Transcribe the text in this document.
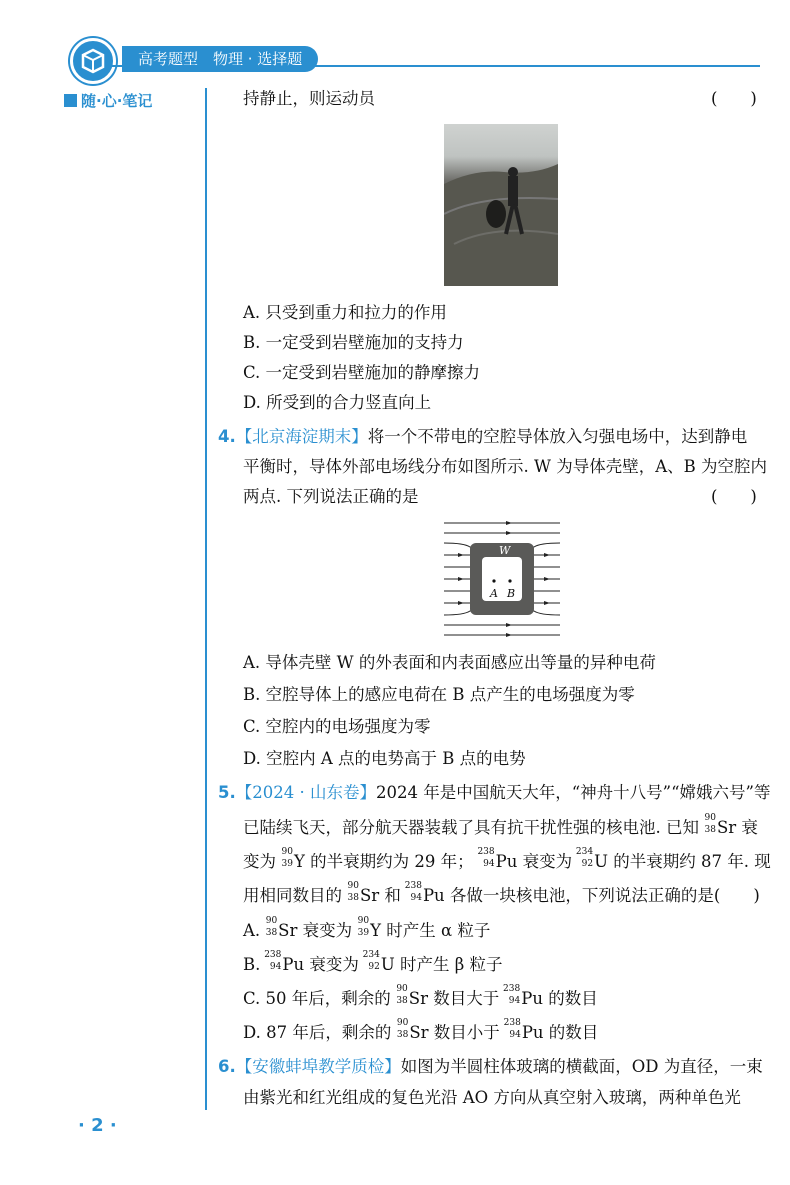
高考题型　物理 · 选择题
随·心·笔记
· 2 ·
持静止，则运动员	(　　)
A. 只受到重力和拉力的作用
B. 一定受到岩壁施加的支持力
C. 一定受到岩壁施加的静摩擦力
D. 所受到的合力竖直向上
4.【北京海淀期末】将一个不带电的空腔导体放入匀强电场中，达到静电
平衡时，导体外部电场线分布如图所示. W 为导体壳壁，A、B 为空腔内
两点. 下列说法正确的是	(　　)
W
A B
A. 导体壳壁 W 的外表面和内表面感应出等量的异种电荷
B. 空腔导体上的感应电荷在 B 点产生的电场强度为零
C. 空腔内的电场强度为零
D. 空腔内 A 点的电势高于 B 点的电势
5.【2024 · 山东卷】2024 年是中国航天大年，“神舟十八号”“嫦娥六号”等
已陆续飞天，部分航天器装载了具有抗干扰性强的核电池. 已知 90
38 Sr 衰
变为 90
39 Y 的半衰期约为 29 年； 238
94 Pu 衰变为 234
92 U 的半衰期约 87 年. 现
用相同数目的 90
38 Sr 和 238
94 Pu 各做一块核电池，下列说法正确的是(　　)
A. 90
38 Sr 衰变为 90
39 Y 时产生 α 粒子
B. 238
94 Pu 衰变为 234
92 U 时产生 β 粒子
C. 50 年后，剩余的 90
38 Sr 数目大于 238
94 Pu 的数目
D. 87 年后，剩余的 90
38 Sr 数目小于 238
94 Pu 的数目
6.【安徽蚌埠教学质检】如图为半圆柱体玻璃的横截面，OD 为直径，一束
由紫光和红光组成的复色光沿 AO 方向从真空射入玻璃，两种单色光
